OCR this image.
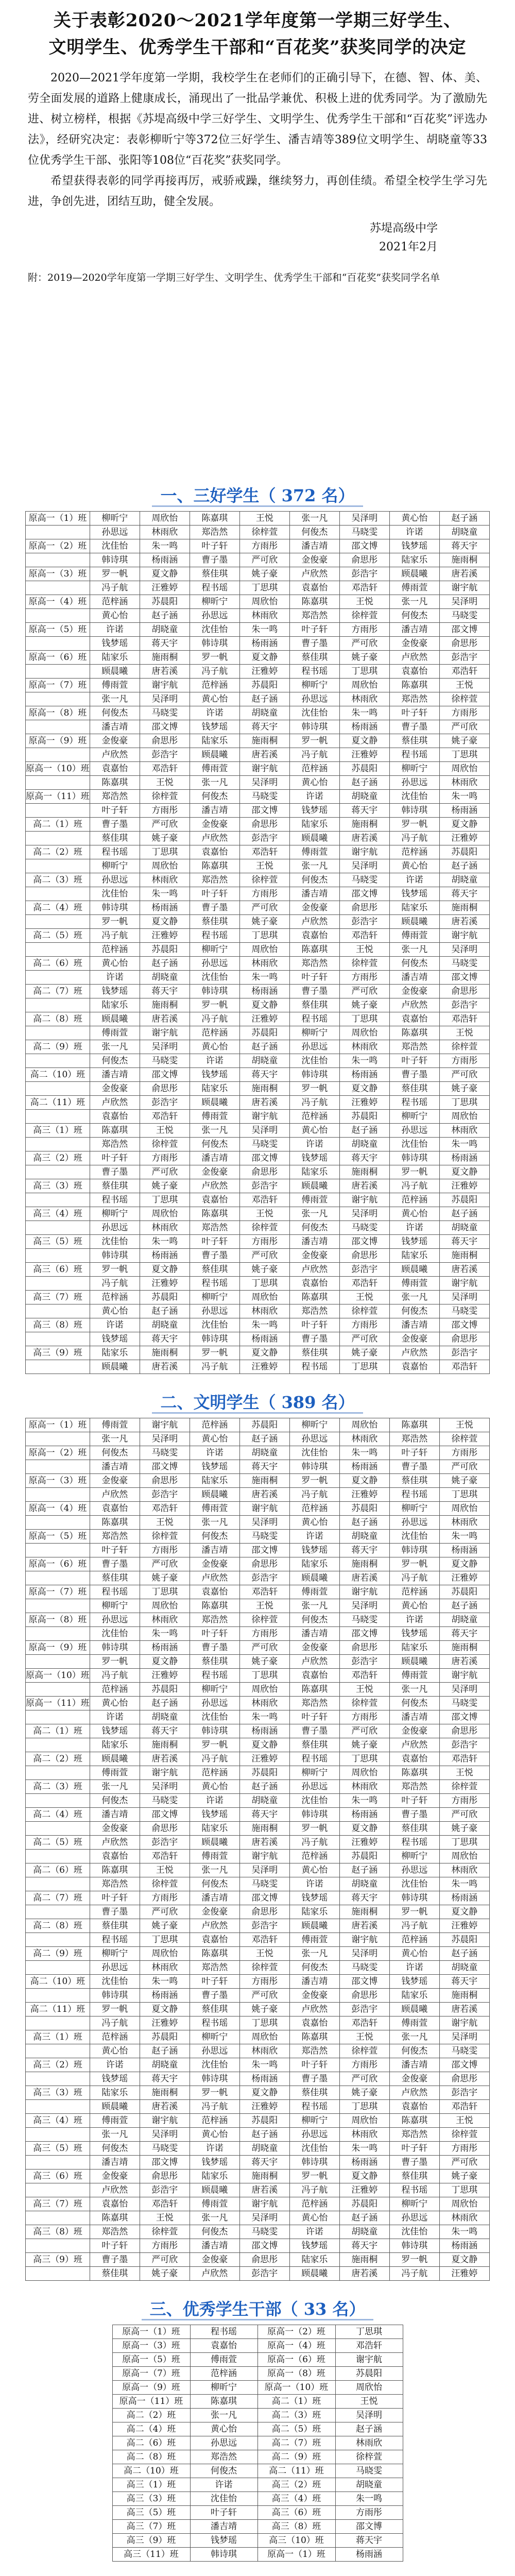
关于表彰2020～2021学年度第一学期三好学生、
文明学生、优秀学生干部和“百花奖”获奖同学的决定

2020—2021学年度第一学期，我校学生在老师们的正确引导下，在德、智、体、美、劳全面发展的道路上健康成长，涌现出了一批品学兼优、积极上进的优秀同学。为了激励先进、树立榜样，根据《苏堤高级中学三好学生、文明学生、优秀学生干部和“百花奖”评选办法》，经研究决定：表彰柳昕宁等372位三好学生、潘吉靖等389位文明学生、胡晓童等33位优秀学生干部、张阳等108位“百花奖”获奖同学。

希望获得表彰的同学再接再厉，戒骄戒躁，继续努力，再创佳绩。希望全校学生学习先进，争创先进，团结互助，健全发展。

苏堤高级中学
2021年2月
附：2019—2020学年度第一学期三好学生、文明学生、优秀学生干部和“百花奖”获奖同学名单
一、三好学生（ 372 名）
原高一（1）班	柳昕宁	周欣怡	陈嘉琪	王悦	张一凡	吴泽明	黄心怡	赵子涵
	孙思远	林雨欣	郑浩然	徐梓萱	何俊杰	马晓雯	许诺	胡晓童
原高一（2）班	沈佳怡	朱一鸣	叶子轩	方雨彤	潘吉靖	邵文博	钱梦瑶	蒋天宇
	韩诗琪	杨雨涵	曹子墨	严可欣	金俊豪	俞思彤	陆家乐	施雨桐
原高一（3）班	罗一帆	夏文静	蔡佳琪	姚子豪	卢欣然	彭浩宇	顾晨曦	唐若溪
	冯子航	汪雅婷	程书瑶	丁思琪	袁嘉怡	邓浩轩	傅雨萱	谢宇航
原高一（4）班	范梓涵	苏晨阳	柳昕宁	周欣怡	陈嘉琪	王悦	张一凡	吴泽明
	黄心怡	赵子涵	孙思远	林雨欣	郑浩然	徐梓萱	何俊杰	马晓雯
原高一（5）班	许诺	胡晓童	沈佳怡	朱一鸣	叶子轩	方雨彤	潘吉靖	邵文博
	钱梦瑶	蒋天宇	韩诗琪	杨雨涵	曹子墨	严可欣	金俊豪	俞思彤
原高一（6）班	陆家乐	施雨桐	罗一帆	夏文静	蔡佳琪	姚子豪	卢欣然	彭浩宇
	顾晨曦	唐若溪	冯子航	汪雅婷	程书瑶	丁思琪	袁嘉怡	邓浩轩
原高一（7）班	傅雨萱	谢宇航	范梓涵	苏晨阳	柳昕宁	周欣怡	陈嘉琪	王悦
	张一凡	吴泽明	黄心怡	赵子涵	孙思远	林雨欣	郑浩然	徐梓萱
原高一（8）班	何俊杰	马晓雯	许诺	胡晓童	沈佳怡	朱一鸣	叶子轩	方雨彤
	潘吉靖	邵文博	钱梦瑶	蒋天宇	韩诗琪	杨雨涵	曹子墨	严可欣
原高一（9）班	金俊豪	俞思彤	陆家乐	施雨桐	罗一帆	夏文静	蔡佳琪	姚子豪
	卢欣然	彭浩宇	顾晨曦	唐若溪	冯子航	汪雅婷	程书瑶	丁思琪
原高一（10）班	袁嘉怡	邓浩轩	傅雨萱	谢宇航	范梓涵	苏晨阳	柳昕宁	周欣怡
	陈嘉琪	王悦	张一凡	吴泽明	黄心怡	赵子涵	孙思远	林雨欣
原高一（11）班	郑浩然	徐梓萱	何俊杰	马晓雯	许诺	胡晓童	沈佳怡	朱一鸣
	叶子轩	方雨彤	潘吉靖	邵文博	钱梦瑶	蒋天宇	韩诗琪	杨雨涵
高二（1）班	曹子墨	严可欣	金俊豪	俞思彤	陆家乐	施雨桐	罗一帆	夏文静
	蔡佳琪	姚子豪	卢欣然	彭浩宇	顾晨曦	唐若溪	冯子航	汪雅婷
高二（2）班	程书瑶	丁思琪	袁嘉怡	邓浩轩	傅雨萱	谢宇航	范梓涵	苏晨阳
	柳昕宁	周欣怡	陈嘉琪	王悦	张一凡	吴泽明	黄心怡	赵子涵
高二（3）班	孙思远	林雨欣	郑浩然	徐梓萱	何俊杰	马晓雯	许诺	胡晓童
	沈佳怡	朱一鸣	叶子轩	方雨彤	潘吉靖	邵文博	钱梦瑶	蒋天宇
高二（4）班	韩诗琪	杨雨涵	曹子墨	严可欣	金俊豪	俞思彤	陆家乐	施雨桐
	罗一帆	夏文静	蔡佳琪	姚子豪	卢欣然	彭浩宇	顾晨曦	唐若溪
高二（5）班	冯子航	汪雅婷	程书瑶	丁思琪	袁嘉怡	邓浩轩	傅雨萱	谢宇航
	范梓涵	苏晨阳	柳昕宁	周欣怡	陈嘉琪	王悦	张一凡	吴泽明
高二（6）班	黄心怡	赵子涵	孙思远	林雨欣	郑浩然	徐梓萱	何俊杰	马晓雯
	许诺	胡晓童	沈佳怡	朱一鸣	叶子轩	方雨彤	潘吉靖	邵文博
高二（7）班	钱梦瑶	蒋天宇	韩诗琪	杨雨涵	曹子墨	严可欣	金俊豪	俞思彤
	陆家乐	施雨桐	罗一帆	夏文静	蔡佳琪	姚子豪	卢欣然	彭浩宇
高二（8）班	顾晨曦	唐若溪	冯子航	汪雅婷	程书瑶	丁思琪	袁嘉怡	邓浩轩
	傅雨萱	谢宇航	范梓涵	苏晨阳	柳昕宁	周欣怡	陈嘉琪	王悦
高二（9）班	张一凡	吴泽明	黄心怡	赵子涵	孙思远	林雨欣	郑浩然	徐梓萱
	何俊杰	马晓雯	许诺	胡晓童	沈佳怡	朱一鸣	叶子轩	方雨彤
高二（10）班	潘吉靖	邵文博	钱梦瑶	蒋天宇	韩诗琪	杨雨涵	曹子墨	严可欣
	金俊豪	俞思彤	陆家乐	施雨桐	罗一帆	夏文静	蔡佳琪	姚子豪
高二（11）班	卢欣然	彭浩宇	顾晨曦	唐若溪	冯子航	汪雅婷	程书瑶	丁思琪
	袁嘉怡	邓浩轩	傅雨萱	谢宇航	范梓涵	苏晨阳	柳昕宁	周欣怡
高三（1）班	陈嘉琪	王悦	张一凡	吴泽明	黄心怡	赵子涵	孙思远	林雨欣
	郑浩然	徐梓萱	何俊杰	马晓雯	许诺	胡晓童	沈佳怡	朱一鸣
高三（2）班	叶子轩	方雨彤	潘吉靖	邵文博	钱梦瑶	蒋天宇	韩诗琪	杨雨涵
	曹子墨	严可欣	金俊豪	俞思彤	陆家乐	施雨桐	罗一帆	夏文静
高三（3）班	蔡佳琪	姚子豪	卢欣然	彭浩宇	顾晨曦	唐若溪	冯子航	汪雅婷
	程书瑶	丁思琪	袁嘉怡	邓浩轩	傅雨萱	谢宇航	范梓涵	苏晨阳
高三（4）班	柳昕宁	周欣怡	陈嘉琪	王悦	张一凡	吴泽明	黄心怡	赵子涵
	孙思远	林雨欣	郑浩然	徐梓萱	何俊杰	马晓雯	许诺	胡晓童
高三（5）班	沈佳怡	朱一鸣	叶子轩	方雨彤	潘吉靖	邵文博	钱梦瑶	蒋天宇
	韩诗琪	杨雨涵	曹子墨	严可欣	金俊豪	俞思彤	陆家乐	施雨桐
高三（6）班	罗一帆	夏文静	蔡佳琪	姚子豪	卢欣然	彭浩宇	顾晨曦	唐若溪
	冯子航	汪雅婷	程书瑶	丁思琪	袁嘉怡	邓浩轩	傅雨萱	谢宇航
高三（7）班	范梓涵	苏晨阳	柳昕宁	周欣怡	陈嘉琪	王悦	张一凡	吴泽明
	黄心怡	赵子涵	孙思远	林雨欣	郑浩然	徐梓萱	何俊杰	马晓雯
高三（8）班	许诺	胡晓童	沈佳怡	朱一鸣	叶子轩	方雨彤	潘吉靖	邵文博
	钱梦瑶	蒋天宇	韩诗琪	杨雨涵	曹子墨	严可欣	金俊豪	俞思彤
高三（9）班	陆家乐	施雨桐	罗一帆	夏文静	蔡佳琪	姚子豪	卢欣然	彭浩宇
	顾晨曦	唐若溪	冯子航	汪雅婷	程书瑶	丁思琪	袁嘉怡	邓浩轩
二、文明学生（ 389 名）
原高一（1）班	傅雨萱	谢宇航	范梓涵	苏晨阳	柳昕宁	周欣怡	陈嘉琪	王悦
	张一凡	吴泽明	黄心怡	赵子涵	孙思远	林雨欣	郑浩然	徐梓萱
原高一（2）班	何俊杰	马晓雯	许诺	胡晓童	沈佳怡	朱一鸣	叶子轩	方雨彤
	潘吉靖	邵文博	钱梦瑶	蒋天宇	韩诗琪	杨雨涵	曹子墨	严可欣
原高一（3）班	金俊豪	俞思彤	陆家乐	施雨桐	罗一帆	夏文静	蔡佳琪	姚子豪
	卢欣然	彭浩宇	顾晨曦	唐若溪	冯子航	汪雅婷	程书瑶	丁思琪
原高一（4）班	袁嘉怡	邓浩轩	傅雨萱	谢宇航	范梓涵	苏晨阳	柳昕宁	周欣怡
	陈嘉琪	王悦	张一凡	吴泽明	黄心怡	赵子涵	孙思远	林雨欣
原高一（5）班	郑浩然	徐梓萱	何俊杰	马晓雯	许诺	胡晓童	沈佳怡	朱一鸣
	叶子轩	方雨彤	潘吉靖	邵文博	钱梦瑶	蒋天宇	韩诗琪	杨雨涵
原高一（6）班	曹子墨	严可欣	金俊豪	俞思彤	陆家乐	施雨桐	罗一帆	夏文静
	蔡佳琪	姚子豪	卢欣然	彭浩宇	顾晨曦	唐若溪	冯子航	汪雅婷
原高一（7）班	程书瑶	丁思琪	袁嘉怡	邓浩轩	傅雨萱	谢宇航	范梓涵	苏晨阳
	柳昕宁	周欣怡	陈嘉琪	王悦	张一凡	吴泽明	黄心怡	赵子涵
原高一（8）班	孙思远	林雨欣	郑浩然	徐梓萱	何俊杰	马晓雯	许诺	胡晓童
	沈佳怡	朱一鸣	叶子轩	方雨彤	潘吉靖	邵文博	钱梦瑶	蒋天宇
原高一（9）班	韩诗琪	杨雨涵	曹子墨	严可欣	金俊豪	俞思彤	陆家乐	施雨桐
	罗一帆	夏文静	蔡佳琪	姚子豪	卢欣然	彭浩宇	顾晨曦	唐若溪
原高一（10）班	冯子航	汪雅婷	程书瑶	丁思琪	袁嘉怡	邓浩轩	傅雨萱	谢宇航
	范梓涵	苏晨阳	柳昕宁	周欣怡	陈嘉琪	王悦	张一凡	吴泽明
原高一（11）班	黄心怡	赵子涵	孙思远	林雨欣	郑浩然	徐梓萱	何俊杰	马晓雯
	许诺	胡晓童	沈佳怡	朱一鸣	叶子轩	方雨彤	潘吉靖	邵文博
高二（1）班	钱梦瑶	蒋天宇	韩诗琪	杨雨涵	曹子墨	严可欣	金俊豪	俞思彤
	陆家乐	施雨桐	罗一帆	夏文静	蔡佳琪	姚子豪	卢欣然	彭浩宇
高二（2）班	顾晨曦	唐若溪	冯子航	汪雅婷	程书瑶	丁思琪	袁嘉怡	邓浩轩
	傅雨萱	谢宇航	范梓涵	苏晨阳	柳昕宁	周欣怡	陈嘉琪	王悦
高二（3）班	张一凡	吴泽明	黄心怡	赵子涵	孙思远	林雨欣	郑浩然	徐梓萱
	何俊杰	马晓雯	许诺	胡晓童	沈佳怡	朱一鸣	叶子轩	方雨彤
高二（4）班	潘吉靖	邵文博	钱梦瑶	蒋天宇	韩诗琪	杨雨涵	曹子墨	严可欣
	金俊豪	俞思彤	陆家乐	施雨桐	罗一帆	夏文静	蔡佳琪	姚子豪
高二（5）班	卢欣然	彭浩宇	顾晨曦	唐若溪	冯子航	汪雅婷	程书瑶	丁思琪
	袁嘉怡	邓浩轩	傅雨萱	谢宇航	范梓涵	苏晨阳	柳昕宁	周欣怡
高二（6）班	陈嘉琪	王悦	张一凡	吴泽明	黄心怡	赵子涵	孙思远	林雨欣
	郑浩然	徐梓萱	何俊杰	马晓雯	许诺	胡晓童	沈佳怡	朱一鸣
高二（7）班	叶子轩	方雨彤	潘吉靖	邵文博	钱梦瑶	蒋天宇	韩诗琪	杨雨涵
	曹子墨	严可欣	金俊豪	俞思彤	陆家乐	施雨桐	罗一帆	夏文静
高二（8）班	蔡佳琪	姚子豪	卢欣然	彭浩宇	顾晨曦	唐若溪	冯子航	汪雅婷
	程书瑶	丁思琪	袁嘉怡	邓浩轩	傅雨萱	谢宇航	范梓涵	苏晨阳
高二（9）班	柳昕宁	周欣怡	陈嘉琪	王悦	张一凡	吴泽明	黄心怡	赵子涵
	孙思远	林雨欣	郑浩然	徐梓萱	何俊杰	马晓雯	许诺	胡晓童
高二（10）班	沈佳怡	朱一鸣	叶子轩	方雨彤	潘吉靖	邵文博	钱梦瑶	蒋天宇
	韩诗琪	杨雨涵	曹子墨	严可欣	金俊豪	俞思彤	陆家乐	施雨桐
高二（11）班	罗一帆	夏文静	蔡佳琪	姚子豪	卢欣然	彭浩宇	顾晨曦	唐若溪
	冯子航	汪雅婷	程书瑶	丁思琪	袁嘉怡	邓浩轩	傅雨萱	谢宇航
高三（1）班	范梓涵	苏晨阳	柳昕宁	周欣怡	陈嘉琪	王悦	张一凡	吴泽明
	黄心怡	赵子涵	孙思远	林雨欣	郑浩然	徐梓萱	何俊杰	马晓雯
高三（2）班	许诺	胡晓童	沈佳怡	朱一鸣	叶子轩	方雨彤	潘吉靖	邵文博
	钱梦瑶	蒋天宇	韩诗琪	杨雨涵	曹子墨	严可欣	金俊豪	俞思彤
高三（3）班	陆家乐	施雨桐	罗一帆	夏文静	蔡佳琪	姚子豪	卢欣然	彭浩宇
	顾晨曦	唐若溪	冯子航	汪雅婷	程书瑶	丁思琪	袁嘉怡	邓浩轩
高三（4）班	傅雨萱	谢宇航	范梓涵	苏晨阳	柳昕宁	周欣怡	陈嘉琪	王悦
	张一凡	吴泽明	黄心怡	赵子涵	孙思远	林雨欣	郑浩然	徐梓萱
高三（5）班	何俊杰	马晓雯	许诺	胡晓童	沈佳怡	朱一鸣	叶子轩	方雨彤
	潘吉靖	邵文博	钱梦瑶	蒋天宇	韩诗琪	杨雨涵	曹子墨	严可欣
高三（6）班	金俊豪	俞思彤	陆家乐	施雨桐	罗一帆	夏文静	蔡佳琪	姚子豪
	卢欣然	彭浩宇	顾晨曦	唐若溪	冯子航	汪雅婷	程书瑶	丁思琪
高三（7）班	袁嘉怡	邓浩轩	傅雨萱	谢宇航	范梓涵	苏晨阳	柳昕宁	周欣怡
	陈嘉琪	王悦	张一凡	吴泽明	黄心怡	赵子涵	孙思远	林雨欣
高三（8）班	郑浩然	徐梓萱	何俊杰	马晓雯	许诺	胡晓童	沈佳怡	朱一鸣
	叶子轩	方雨彤	潘吉靖	邵文博	钱梦瑶	蒋天宇	韩诗琪	杨雨涵
高三（9）班	曹子墨	严可欣	金俊豪	俞思彤	陆家乐	施雨桐	罗一帆	夏文静
	蔡佳琪	姚子豪	卢欣然	彭浩宇	顾晨曦	唐若溪	冯子航	汪雅婷
三、优秀学生干部（ 33 名）
原高一（1）班	程书瑶	原高一（2）班	丁思琪
原高一（3）班	袁嘉怡	原高一（4）班	邓浩轩
原高一（5）班	傅雨萱	原高一（6）班	谢宇航
原高一（7）班	范梓涵	原高一（8）班	苏晨阳
原高一（9）班	柳昕宁	原高一（10）班	周欣怡
原高一（11）班	陈嘉琪	高二（1）班	王悦
高二（2）班	张一凡	高二（3）班	吴泽明
高二（4）班	黄心怡	高二（5）班	赵子涵
高二（6）班	孙思远	高二（7）班	林雨欣
高二（8）班	郑浩然	高二（9）班	徐梓萱
高二（10）班	何俊杰	高二（11）班	马晓雯
高三（1）班	许诺	高三（2）班	胡晓童
高三（3）班	沈佳怡	高三（4）班	朱一鸣
高三（5）班	叶子轩	高三（6）班	方雨彤
高三（7）班	潘吉靖	高三（8）班	邵文博
高三（9）班	钱梦瑶	高三（10）班	蒋天宇
高三（11）班	韩诗琪	原高一（1）班	杨雨涵
